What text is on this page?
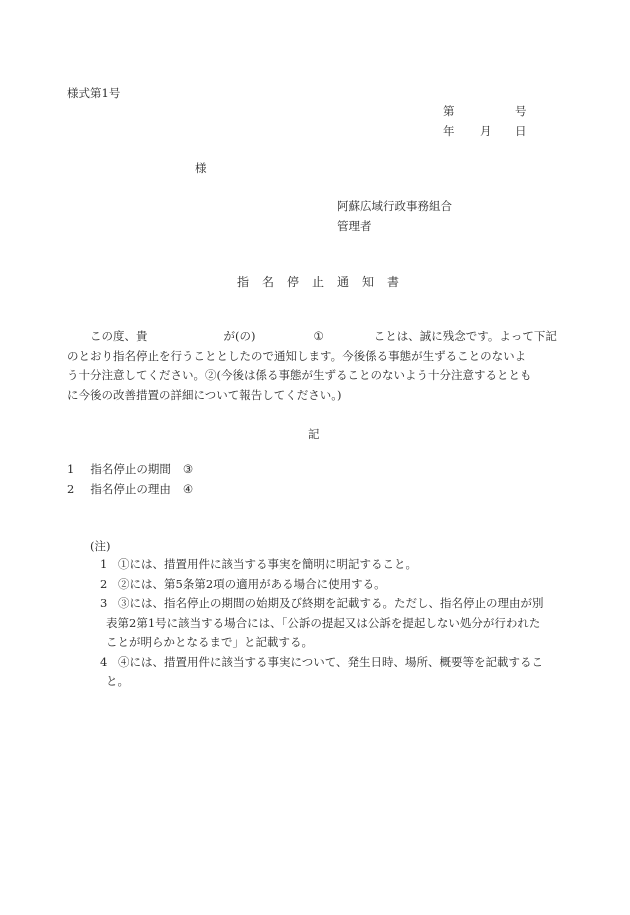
様式第1号
第	号
年 月 日
様
阿蘇広域行政事務組合
管理者
指名停止通知書
この度、貴	が(の)	①	ことは、誠に残念です。よって下記
のとおり指名停止を行うこととしたので通知します。今後係る事態が生ずることのないよ
う十分注意してください。②(今後は係る事態が生ずることのないよう十分注意するととも
に今後の改善措置の詳細について報告してください。)
記
1 指名停止の期間 ③
2 指名停止の理由 ④
(注)
1 ①には、措置用件に該当する事実を簡明に明記すること。
2 ②には、第5条第2項の適用がある場合に使用する。
3 ③には、指名停止の期間の始期及び終期を記載する。ただし、指名停止の理由が別
表第2第1号に該当する場合には、「公訴の提起又は公訴を提起しない処分が行われた
ことが明らかとなるまで」と記載する。
4 ④には、措置用件に該当する事実について、発生日時、場所、概要等を記載するこ
と。
